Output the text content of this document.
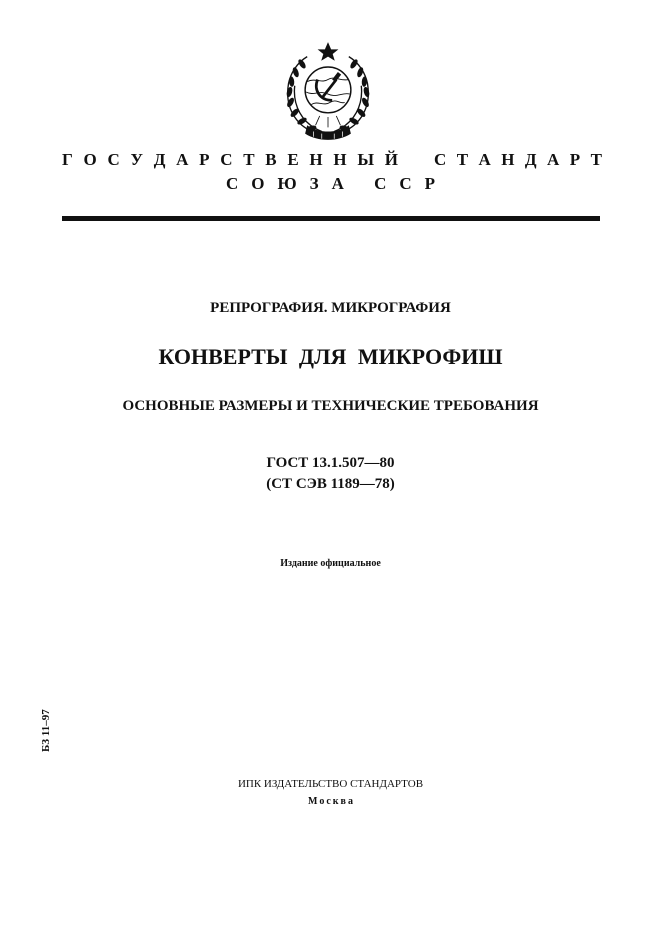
Г О С У Д А Р С Т В Е Н Н Ы Й С Т А Н Д А Р Т
СОЮЗА ССР
РЕПРОГРАФИЯ. МИКРОГРАФИЯ
КОНВЕРТЫ ДЛЯ МИКРОФИШ
ОСНОВНЫЕ РАЗМЕРЫ И ТЕХНИЧЕСКИЕ ТРЕБОВАНИЯ
ГОСТ 13.1.507—80
(СТ СЭВ 1189—78)
Издание официальное
БЗ 11–97
ИПК ИЗДАТЕЛЬСТВО СТАНДАРТОВ
Москва
